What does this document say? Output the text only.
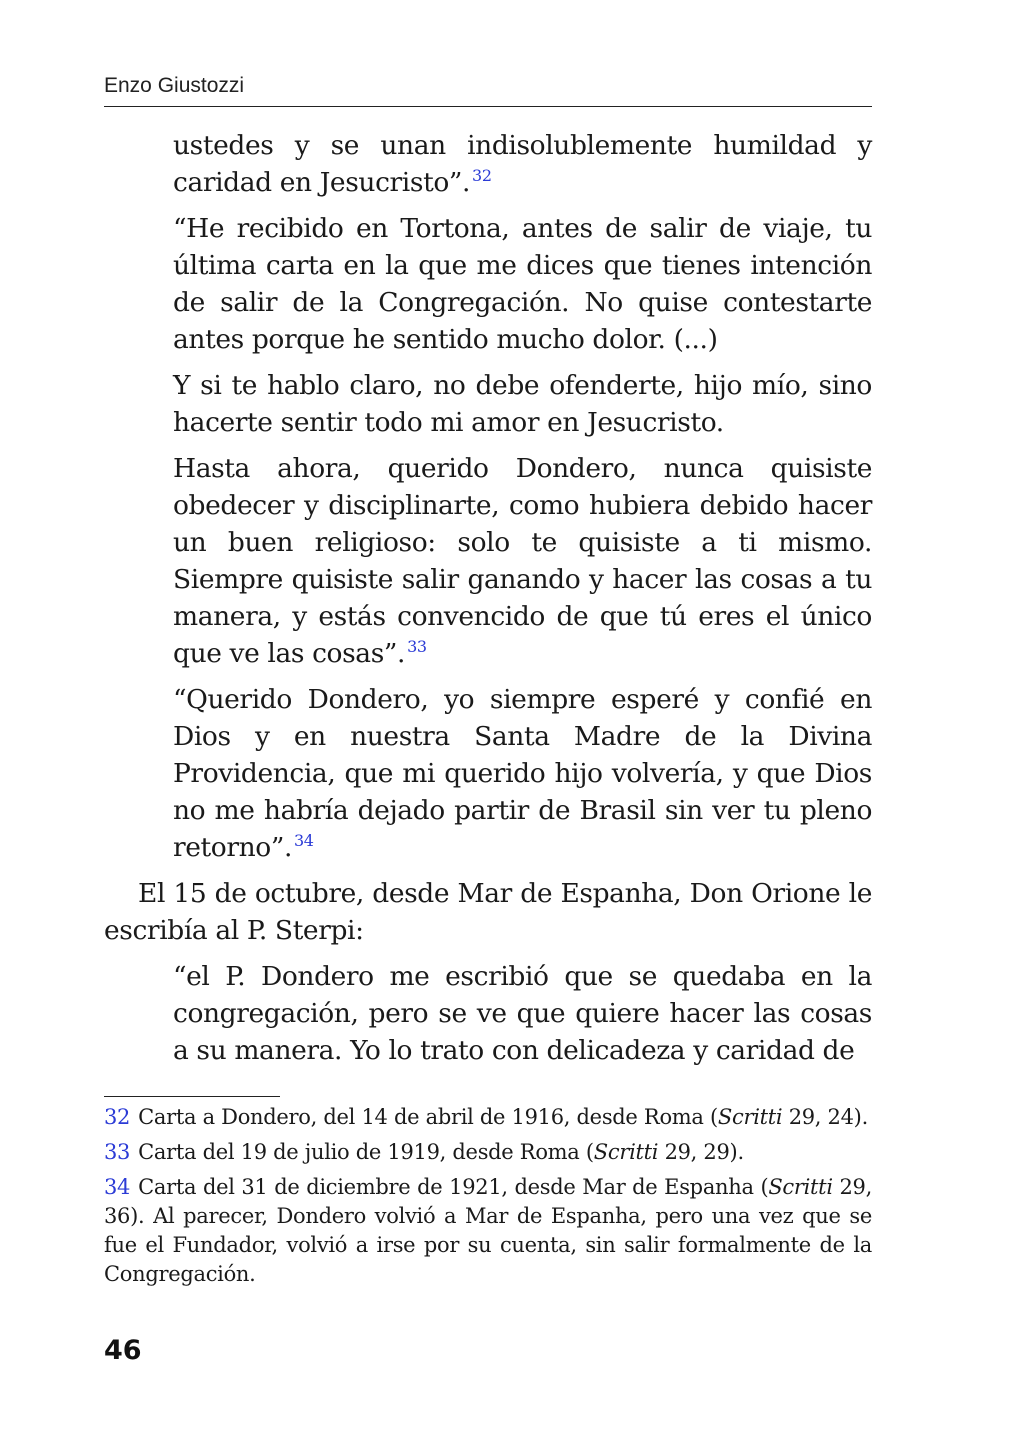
Enzo Giustozzi

ustedes y se unan indisolublemente humildad y caridad en Jesucristo”. $^{32}$

“He recibido en Tortona, antes de salir de viaje, tu última carta en la que me dices que tienes intención de salir de la Congregación. No quise contestarte antes porque he sentido mucho dolor. (...)

Y si te hablo claro, no debe ofenderte, hijo mío, sino hacerte sentir todo mi amor en Jesucristo.

Hasta ahora, querido Dondero, nunca quisiste obedecer y disciplinarte, como hubiera debido hacer un buen religioso: solo te quisiste a ti mismo. Siempre quisiste salir ganando y hacer las cosas a tu manera, y estás convencido de que tú eres el único que ve las cosas”. $^{33}$

“Querido Dondero, yo siempre esperé y confié en Dios y en nuestra Santa Madre de la Divina Providencia, que mi querido hijo volvería, y que Dios no me habría dejado partir de Brasil sin ver tu pleno retorno”. $^{34}$

El 15 de octubre, desde Mar de Espanha, Don Orione le escribía al P. Sterpi:

“el P. Dondero me escribió que se quedaba en la congregación, pero se ve que quiere hacer las cosas a su manera. Yo lo trato con delicadeza y caridad de

32 Carta a Dondero, del 14 de abril de 1916, desde Roma (Scritti 29, 24).

33 Carta del 19 de julio de 1919, desde Roma (Scritti 29, 29).

34 Carta del 31 de diciembre de 1921, desde Mar de Espanha (Scritti 29, 36). Al parecer, Dondero volvió a Mar de Espanha, pero una vez que se fue el Fundador, volvió a irse por su cuenta, sin salir formalmente de la Congregación.

46
